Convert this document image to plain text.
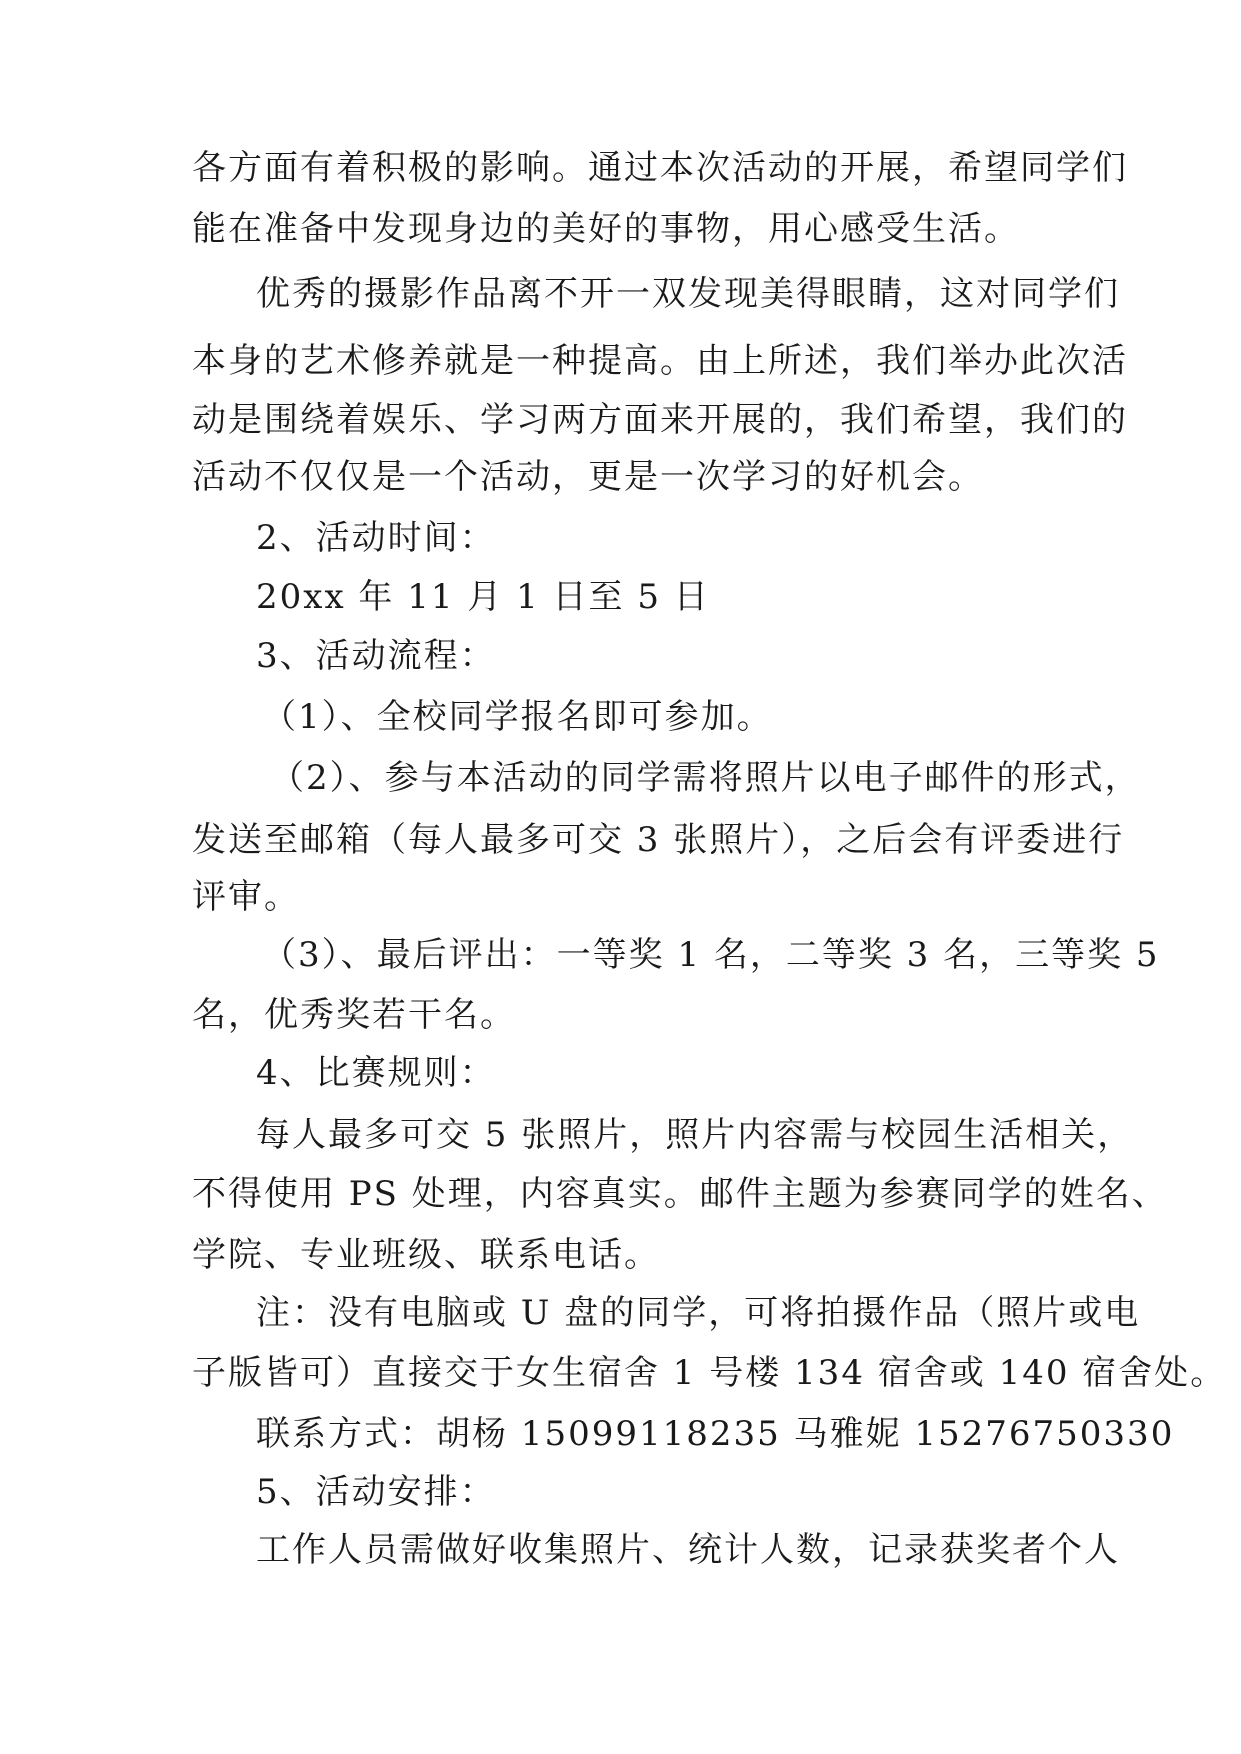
各方面有着积极的影响。通过本次活动的开展，希望同学们
能在准备中发现身边的美好的事物，用心感受生活。
优秀的摄影作品离不开一双发现美得眼睛，这对同学们
本身的艺术修养就是一种提高。由上所述，我们举办此次活
动是围绕着娱乐、学习两方面来开展的，我们希望，我们的
活动不仅仅是一个活动，更是一次学习的好机会。
2、活动时间：
20xx 年 11 月 1 日至 5 日
3、活动流程：
（1）、全校同学报名即可参加。
（2）、参与本活动的同学需将照片以电子邮件的形式，
发送至邮箱（每人最多可交 3 张照片），之后会有评委进行
评审。
（3）、最后评出：一等奖 1 名，二等奖 3 名，三等奖 5
名，优秀奖若干名。
4、比赛规则：
每人最多可交 5 张照片，照片内容需与校园生活相关，
不得使用 PS 处理，内容真实。邮件主题为参赛同学的姓名、
学院、专业班级、联系电话。
注：没有电脑或 U 盘的同学，可将拍摄作品（照片或电
子版皆可）直接交于女生宿舍 1 号楼 134 宿舍或 140 宿舍处。
联系方式：胡杨 15099118235 马雅妮 15276750330
5、活动安排：
工作人员需做好收集照片、统计人数，记录获奖者个人
